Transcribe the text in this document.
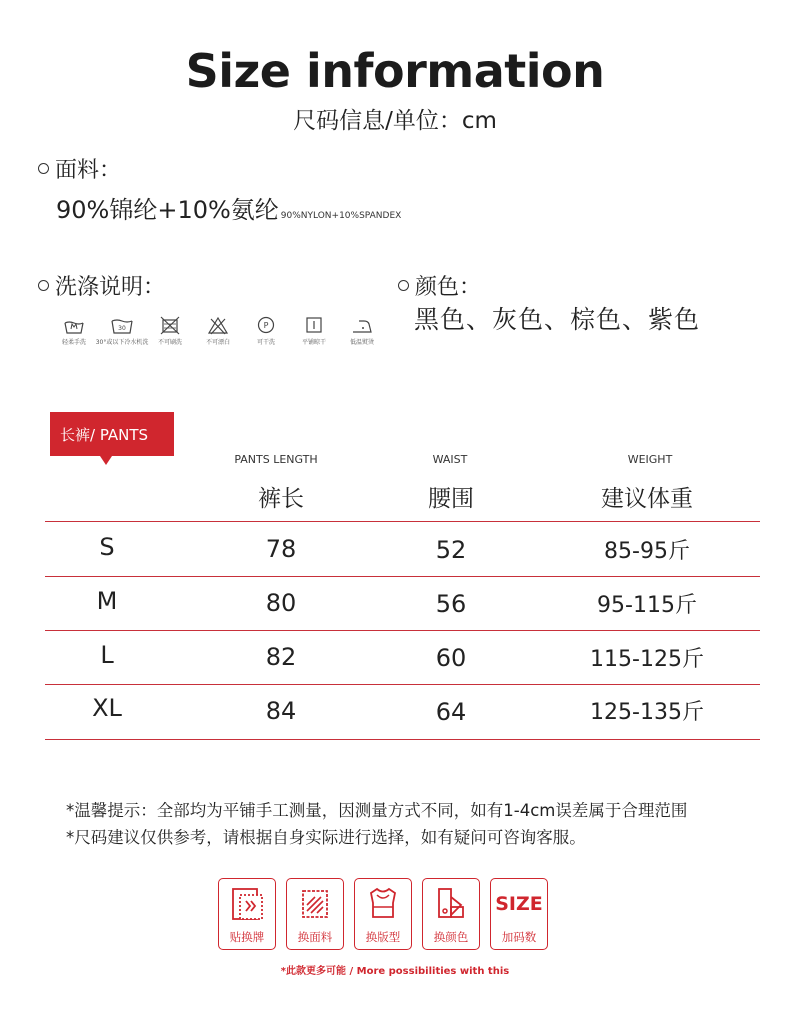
Size information
尺码信息/单位：cm
面料：
90%锦纶+10%氨纶 90%NYLON+10%SPANDEX
洗涤说明：
轻柔手洗
30
30°或以下冷水机洗 不可刷洗	不可漂白
P
可干洗	平铺晾干	低温熨烫
颜色：
黑色、灰色、棕色、紫色
长裤/ PANTS
PANTS LENGTH	WAIST	WEIGHT
裤长	腰围	建议体重
S	78	52	85-95斤
M	80	56	95-115斤
L	82	60	115-125斤
XL	84	64	125-135斤
*温馨提示：全部均为平铺手工测量，因测量方式不同，如有1-4cm误差属于合理范围
*尺码建议仅供参考，请根据自身实际进行选择，如有疑问可咨询客服。
贴换牌	换面料	换版型	换颜色
SIZE
加码数
*此款更多可能 / More possibilities with this
